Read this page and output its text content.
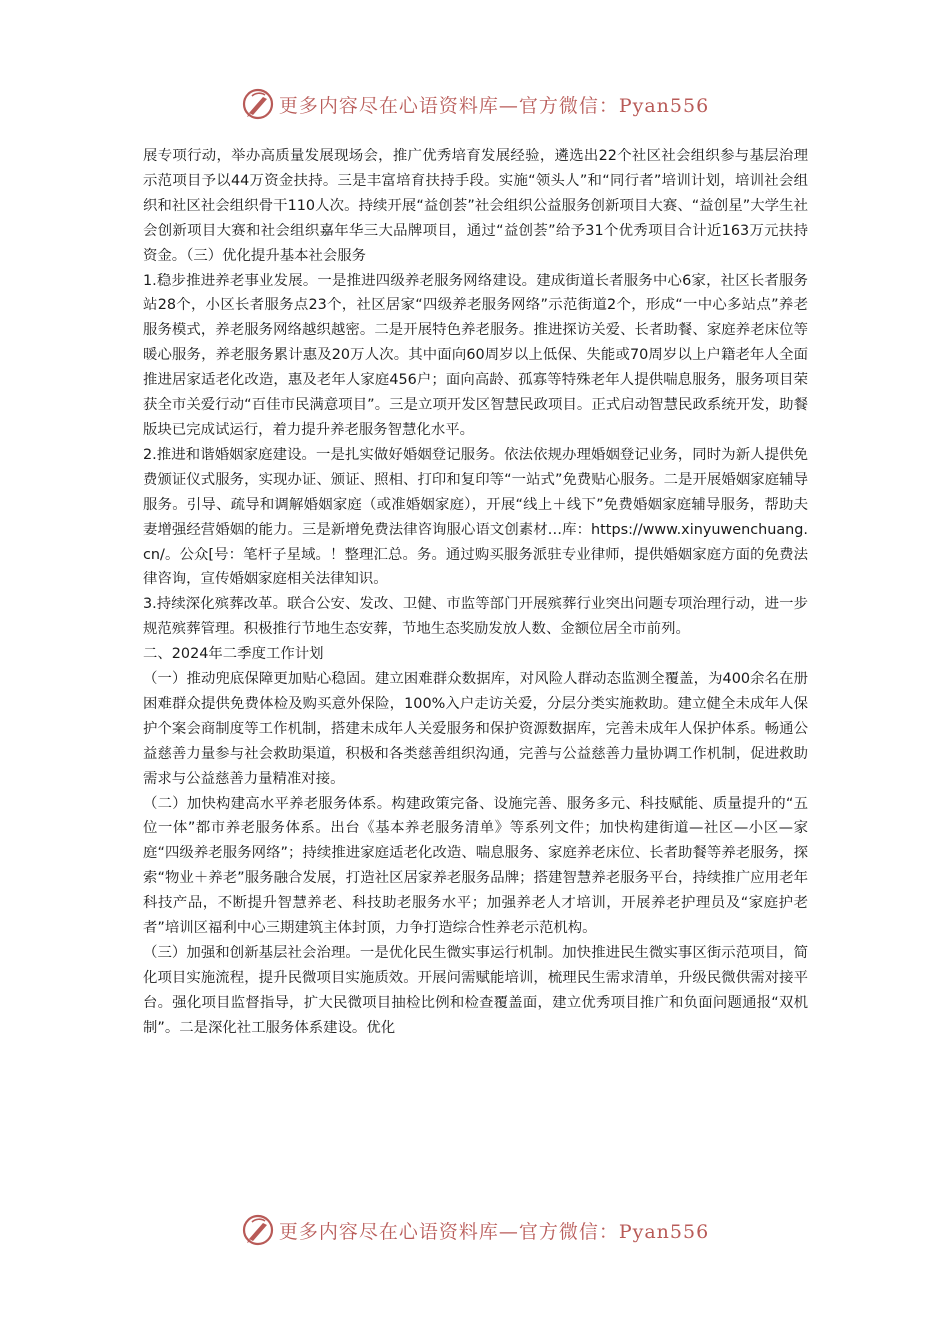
更多内容尽在心语资料库—官方微信：Pyan556

展专项行动，举办高质量发展现场会，推广优秀培育发展经验，遴选出22个社区社会组织参与基层治理示范项目予以44万资金扶持。三是丰富培育扶持手段。实施“领头人”和“同行者”培训计划，培训社会组织和社区社会组织骨干110人次。持续开展“益创荟”社会组织公益服务创新项目大赛、“益创星”大学生社会创新项目大赛和社会组织嘉年华三大品牌项目，通过“益创荟”给予31个优秀项目合计近163万元扶持资金。（三）优化提升基本社会服务

1.稳步推进养老事业发展。一是推进四级养老服务网络建设。建成街道长者服务中心6家，社区长者服务站28个，小区长者服务点23个，社区居家“四级养老服务网络”示范街道2个，形成“一中心多站点”养老服务模式，养老服务网络越织越密。二是开展特色养老服务。推进探访关爱、长者助餐、家庭养老床位等暖心服务，养老服务累计惠及20万人次。其中面向60周岁以上低保、失能或70周岁以上户籍老年人全面推进居家适老化改造，惠及老年人家庭456户；面向高龄、孤寡等特殊老年人提供喘息服务，服务项目荣获全市关爱行动“百佳市民满意项目”。三是立项开发区智慧民政项目。正式启动智慧民政系统开发，助餐版块已完成试运行，着力提升养老服务智慧化水平。

2.推进和谐婚姻家庭建设。一是扎实做好婚姻登记服务。依法依规办理婚姻登记业务，同时为新人提供免费颁证仪式服务，实现办证、颁证、照相、打印和复印等“一站式”免费贴心服务。二是开展婚姻家庭辅导服务。引导、疏导和调解婚姻家庭（或准婚姻家庭），开展“线上＋线下”免费婚姻家庭辅导服务，帮助夫妻增强经营婚姻的能力。三是新增免费法律咨询服心语文创素材…库：https://www.xinyuwenchuang.cn/。公众[号：笔杆子星域。！整理汇总。务。通过购买服务派驻专业律师，提供婚姻家庭方面的免费法律咨询，宣传婚姻家庭相关法律知识。

3.持续深化殡葬改革。联合公安、发改、卫健、市监等部门开展殡葬行业突出问题专项治理行动，进一步规范殡葬管理。积极推行节地生态安葬，节地生态奖励发放人数、金额位居全市前列。

二、2024年二季度工作计划

（一）推动兜底保障更加贴心稳固。建立困难群众数据库，对风险人群动态监测全覆盖，为400余名在册困难群众提供免费体检及购买意外保险，100%入户走访关爱，分层分类实施救助。建立健全未成年人保护个案会商制度等工作机制，搭建未成年人关爱服务和保护资源数据库，完善未成年人保护体系。畅通公益慈善力量参与社会救助渠道，积极和各类慈善组织沟通，完善与公益慈善力量协调工作机制，促进救助需求与公益慈善力量精准对接。

（二）加快构建高水平养老服务体系。构建政策完备、设施完善、服务多元、科技赋能、质量提升的“五位一体”都市养老服务体系。出台《基本养老服务清单》等系列文件；加快构建街道—社区—小区—家庭“四级养老服务网络”；持续推进家庭适老化改造、喘息服务、家庭养老床位、长者助餐等养老服务，探索“物业＋养老”服务融合发展，打造社区居家养老服务品牌；搭建智慧养老服务平台，持续推广应用老年科技产品，不断提升智慧养老、科技助老服务水平；加强养老人才培训，开展养老护理员及“家庭护老者”培训区福利中心三期建筑主体封顶，力争打造综合性养老示范机构。

（三）加强和创新基层社会治理。一是优化民生微实事运行机制。加快推进民生微实事区街示范项目，简化项目实施流程，提升民微项目实施质效。开展问需赋能培训，梳理民生需求清单，升级民微供需对接平台。强化项目监督指导，扩大民微项目抽检比例和检查覆盖面，建立优秀项目推广和负面问题通报“双机制”。二是深化社工服务体系建设。优化

更多内容尽在心语资料库—官方微信：Pyan556
